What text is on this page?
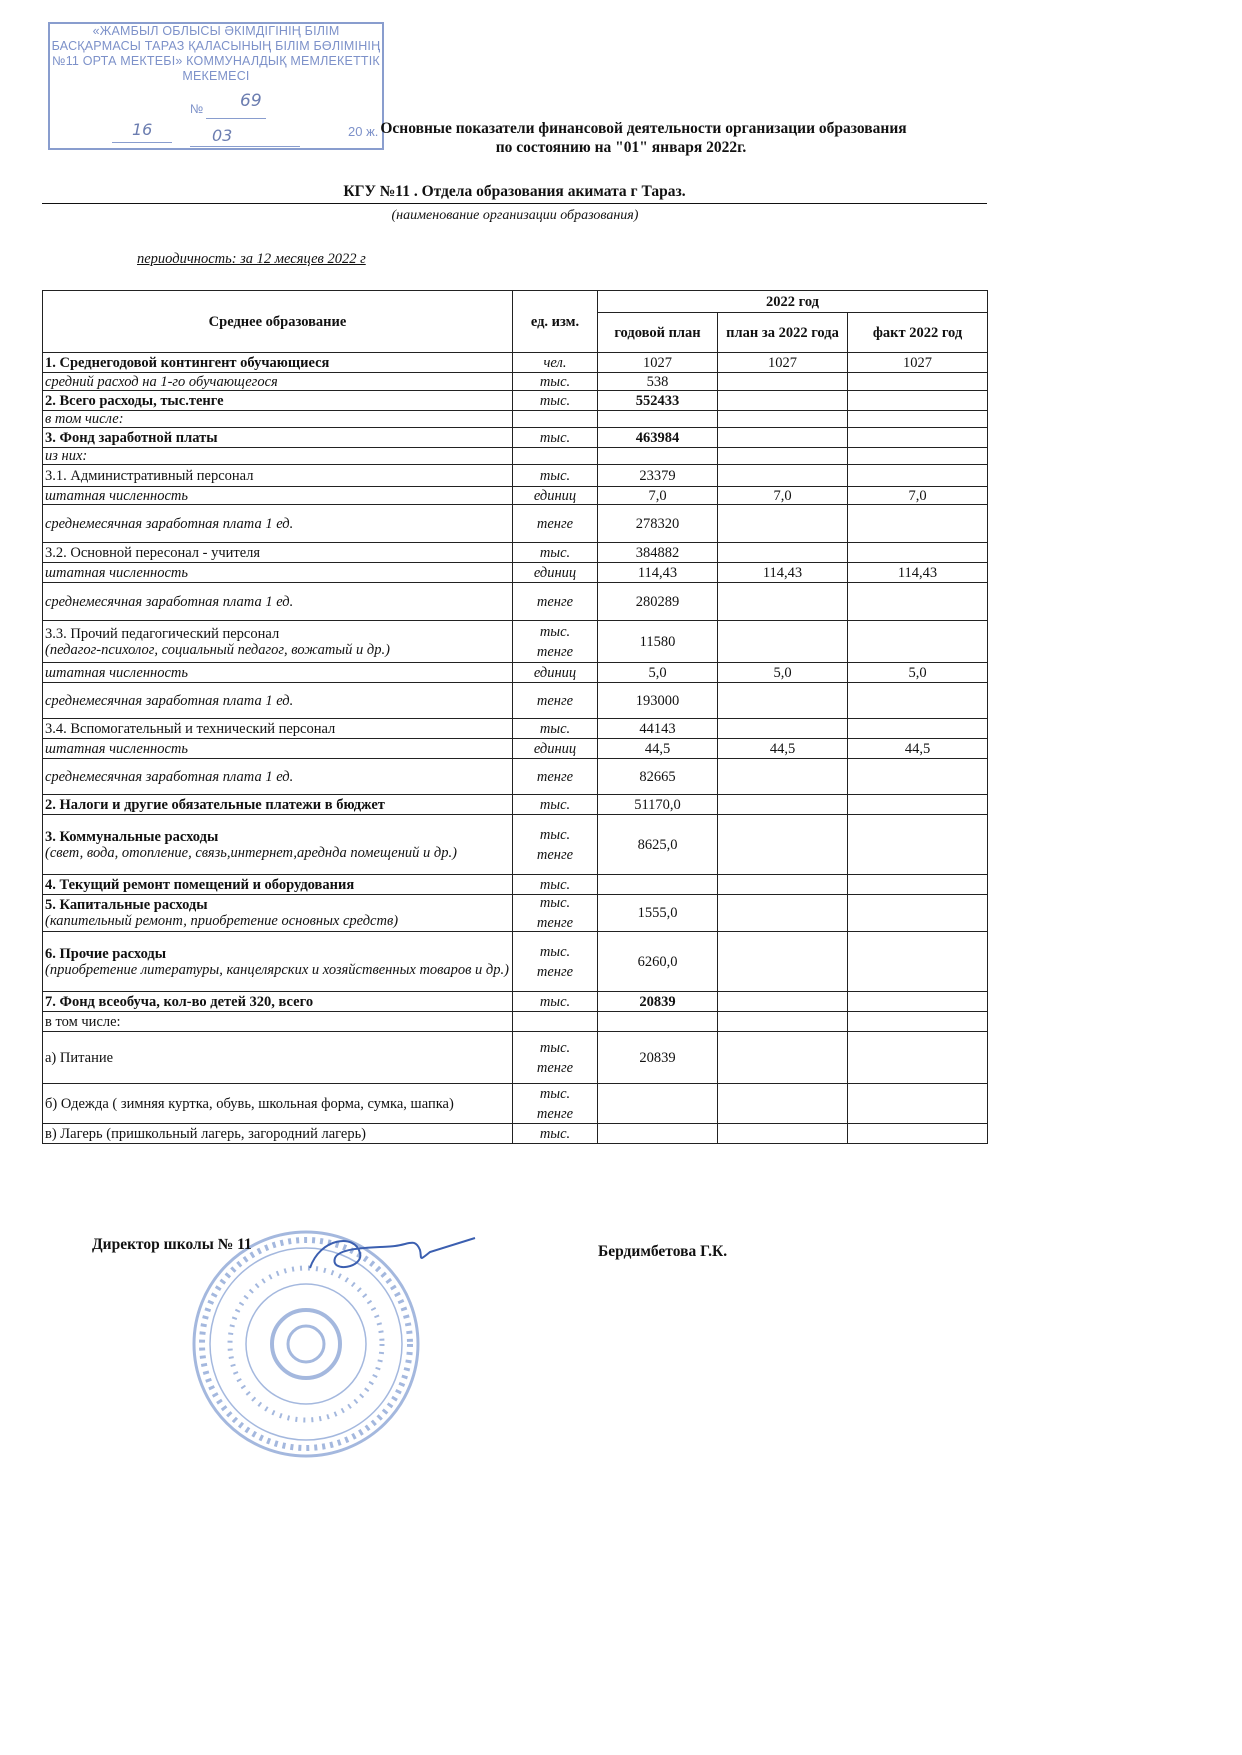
«ЖАМБЫЛ ОБЛЫСЫ ӘКІМДІГІНІҢ БІЛІМ
БАСҚАРМАСЫ ТАРАЗ ҚАЛАСЫНЫҢ БІЛІМ БӨЛІМІНІҢ
№11 ОРТА МЕКТЕБІ» КОММУНАЛДЫҚ МЕМЛЕКЕТТІК
МЕКЕМЕСІ
№ 69
16	03	20 ж. Основные показатели финансовой деятельности организации образования
по состоянию на "01" января 2022г.
КГУ №11 . Отдела образования акимата г Тараз.
(наименование организации образования)
периодичность: за 12 месяцев 2022 г
Среднее образование	ед. изм.	2022 год		
		годовой план	план за 2022 года	факт 2022 год
1. Среднегодовой контингент обучающиеся	чел.	1027	1027	1027
средний расход на 1-го обучающегося	тыс.	538		
2. Всего расходы, тыс.тенге	тыс.	552433		
в том числе:	

3. Фонд заработной платы	тыс.	463984		
из них:	

3.1. Административный персонал	тыс.	23379		
штатная численность	единиц	7,0	7,0	7,0
среднемесячная заработная плата 1 ед.	тенге	278320		
3.2. Основной пересонал - учителя	тыс.	384882		
штатная численность	единиц	114,43	114,43	114,43
среднемесячная заработная плата 1 ед.	тенге	280289		
3.3. Прочий педагогический персонал
(педагог-психолог, социальный педагог, вожатый и др.)	тыс.
тенге	11580		
штатная численность	единиц	5,0	5,0	5,0
среднемесячная заработная плата 1 ед.	тенге	193000		
3.4. Вспомогательный и технический персонал	тыс.	44143		
штатная численность	единиц	44,5	44,5	44,5
среднемесячная заработная плата 1 ед.	тенге	82665		
2. Налоги и другие обязательные платежи в бюджет	тыс.	51170,0		
3. Коммунальные расходы
(свет, вода, отопление, связь,интернет,ареднда помещений и др.)	тыс.
тенге	8625,0		
4. Текущий ремонт помещений и оборудования	тыс.			

5. Капитальные расходы
(капительный ремонт, приобретение основных средств)	тыс.
тенге	1555,0		
6. Прочие расходы
(приобретение литературы, канцелярских и хозяйственных товаров и др.)	тыс.
тенге	6260,0		
7. Фонд всеобуча, кол-во детей 320, всего	тыс.	20839		
в том числе:	

а) Питание	тыс.
тенге	20839		
б) Одежда ( зимняя куртка, обувь, школьная форма, сумка, шапка)	тыс.
тенге			

в) Лагерь (пришкольный лагерь, загородний лагерь)	тыс.			

Директор школы № 11	Бердимбетова Г.К.
